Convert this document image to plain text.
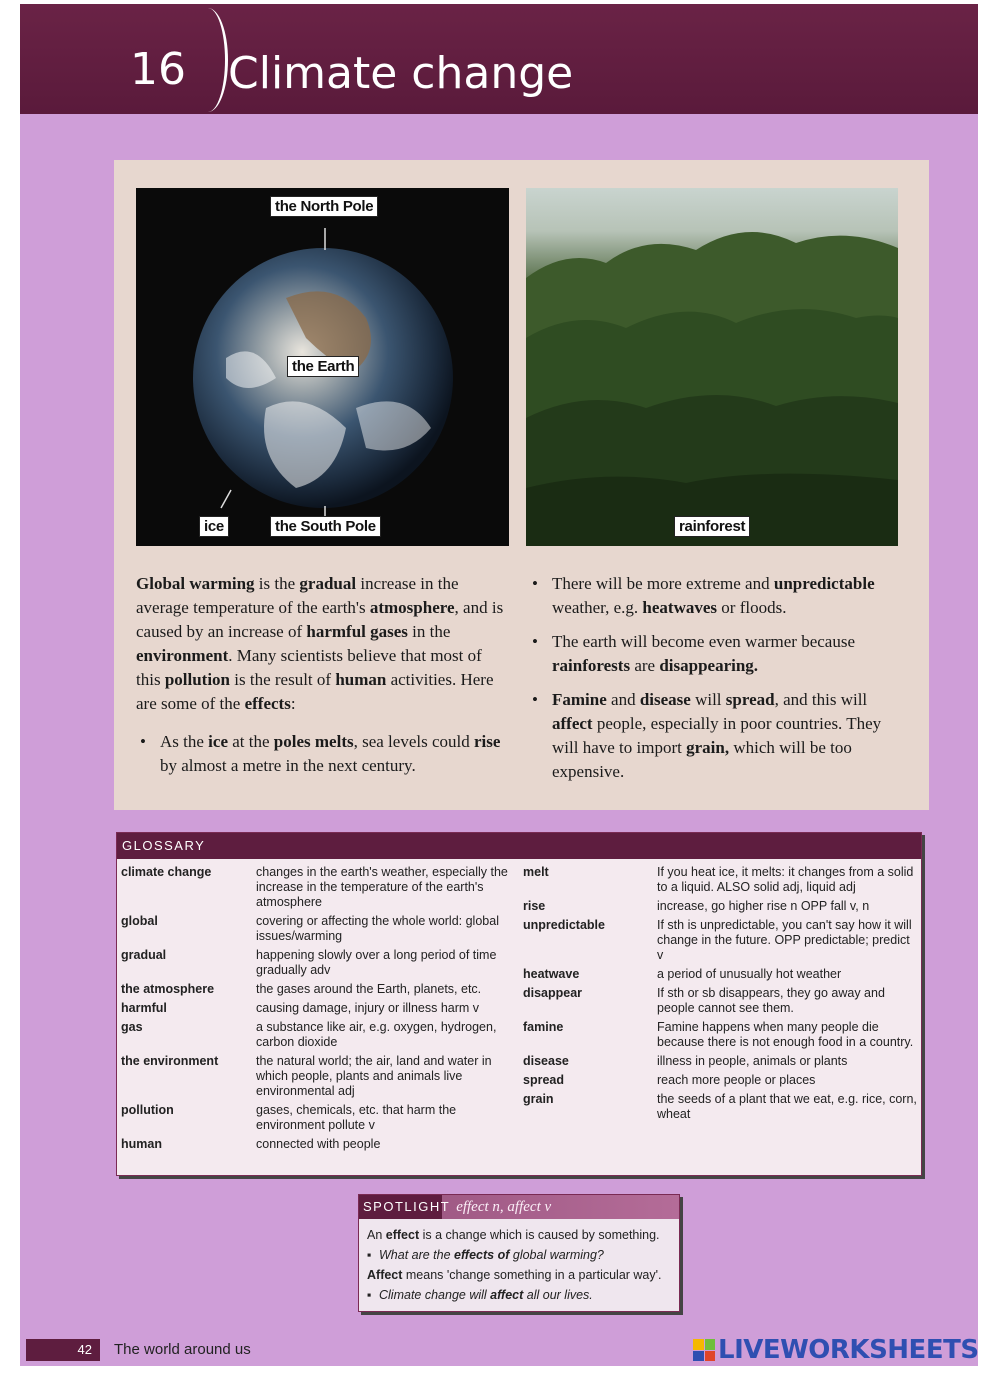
16 Climate change
the North Pole
the Earth
ice	the South Pole	rainforest

Global warming is the gradual increase in the average temperature of the earth's atmosphere, and is caused by an increase of harmful gases in the environment. Many scientists believe that most of this pollution is the result of human activities. Here are some of the effects:

• As the ice at the poles melts, sea levels could rise by almost a metre in the next century.
• There will be more extreme and unpredictable weather, e.g. heatwaves or floods.
• The earth will become even warmer because rainforests are disappearing.
• Famine and disease will spread, and this will affect people, especially in poor countries. They will have to import grain, which will be too expensive.
GLOSSARY
climate change	changes in the earth's weather, especially the increase in the temperature of the earth's atmosphere
global	covering or affecting the whole world: global issues/warming
gradual	happening slowly over a long period of time gradually adv
the atmosphere	the gases around the Earth, planets, etc.
harmful	causing damage, injury or illness harm v
gas	a substance like air, e.g. oxygen, hydrogen, carbon dioxide
the environment	the natural world; the air, land and water in which people, plants and animals live environmental adj
pollution	gases, chemicals, etc. that harm the environment pollute v
human	connected with people
melt	If you heat ice, it melts: it changes from a solid to a liquid. ALSO solid adj, liquid adj
rise	increase, go higher rise n OPP fall v, n
unpredictable	If sth is unpredictable, you can't say how it will change in the future. OPP predictable; predict v
heatwave	a period of unusually hot weather
disappear	If sth or sb disappears, they go away and people cannot see them.
famine	Famine happens when many people die because there is not enough food in a country.
disease	illness in people, animals or plants
spread	reach more people or places
grain	the seeds of a plant that we eat, e.g. rice, corn, wheat
SPOTLIGHT effect n, affect v
An effect is a change which is caused by something.
▪ What are the effects of global warming?
Affect means 'change something in a particular way'.
▪ Climate change will affect all our lives.
42	The world around us	LIVEWORKSHEETS
